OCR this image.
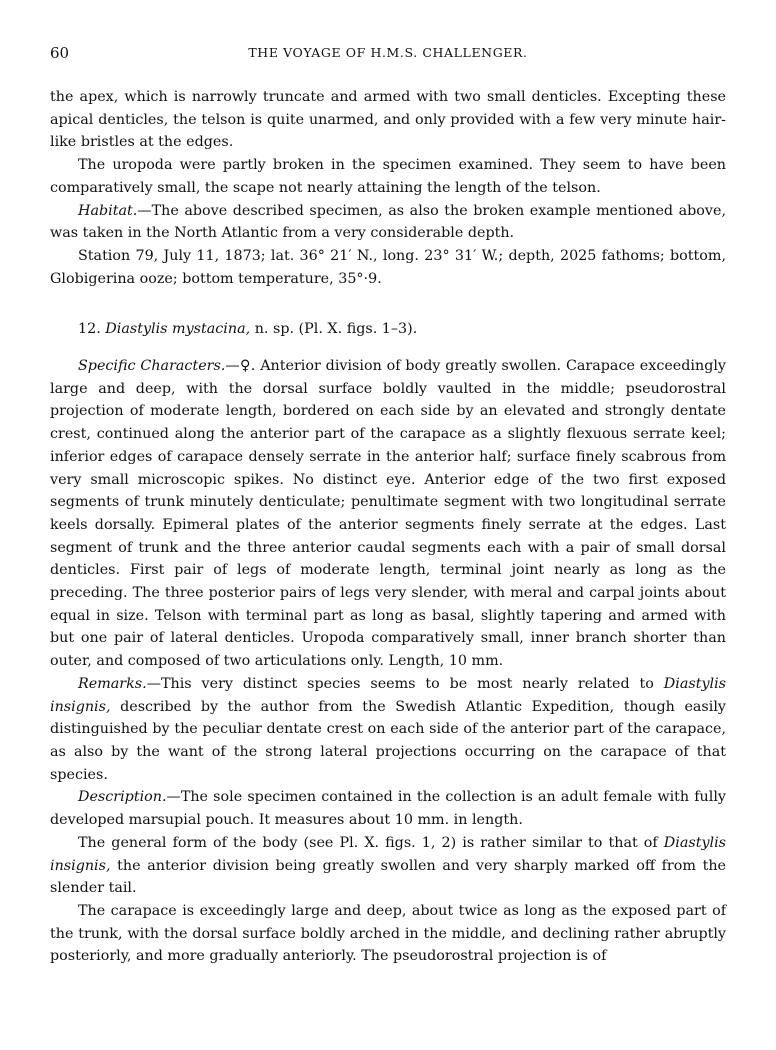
60	THE VOYAGE OF H.M.S. CHALLENGER.

the apex, which is narrowly truncate and armed with two small denticles. Excepting these apical denticles, the telson is quite unarmed, and only provided with a few very minute hair-like bristles at the edges.

The uropoda were partly broken in the specimen examined. They seem to have been comparatively small, the scape not nearly attaining the length of the telson.

Habitat.—The above described specimen, as also the broken example mentioned above, was taken in the North Atlantic from a very considerable depth.

Station 79, July 11, 1873; lat. 36° 21′ N., long. 23° 31′ W.; depth, 2025 fathoms; bottom, Globigerina ooze; bottom temperature, 35°·9.

12. Diastylis mystacina, n. sp. (Pl. X. figs. 1–3).

Specific Characters.—♀. Anterior division of body greatly swollen. Carapace exceedingly large and deep, with the dorsal surface boldly vaulted in the middle; pseudorostral projection of moderate length, bordered on each side by an elevated and strongly dentate crest, continued along the anterior part of the carapace as a slightly flexuous serrate keel; inferior edges of carapace densely serrate in the anterior half; surface finely scabrous from very small microscopic spikes. No distinct eye. Anterior edge of the two first exposed segments of trunk minutely denticulate; penultimate segment with two longitudinal serrate keels dorsally. Epimeral plates of the anterior segments finely serrate at the edges. Last segment of trunk and the three anterior caudal segments each with a pair of small dorsal denticles. First pair of legs of moderate length, terminal joint nearly as long as the preceding. The three posterior pairs of legs very slender, with meral and carpal joints about equal in size. Telson with terminal part as long as basal, slightly tapering and armed with but one pair of lateral denticles. Uropoda comparatively small, inner branch shorter than outer, and composed of two articulations only. Length, 10 mm.

Remarks.—This very distinct species seems to be most nearly related to Diastylis insignis, described by the author from the Swedish Atlantic Expedition, though easily distinguished by the peculiar dentate crest on each side of the anterior part of the carapace, as also by the want of the strong lateral projections occurring on the carapace of that species.

Description.—The sole specimen contained in the collection is an adult female with fully developed marsupial pouch. It measures about 10 mm. in length.

The general form of the body (see Pl. X. figs. 1, 2) is rather similar to that of Diastylis insignis, the anterior division being greatly swollen and very sharply marked off from the slender tail.

The carapace is exceedingly large and deep, about twice as long as the exposed part of the trunk, with the dorsal surface boldly arched in the middle, and declining rather abruptly posteriorly, and more gradually anteriorly. The pseudorostral projection is of
